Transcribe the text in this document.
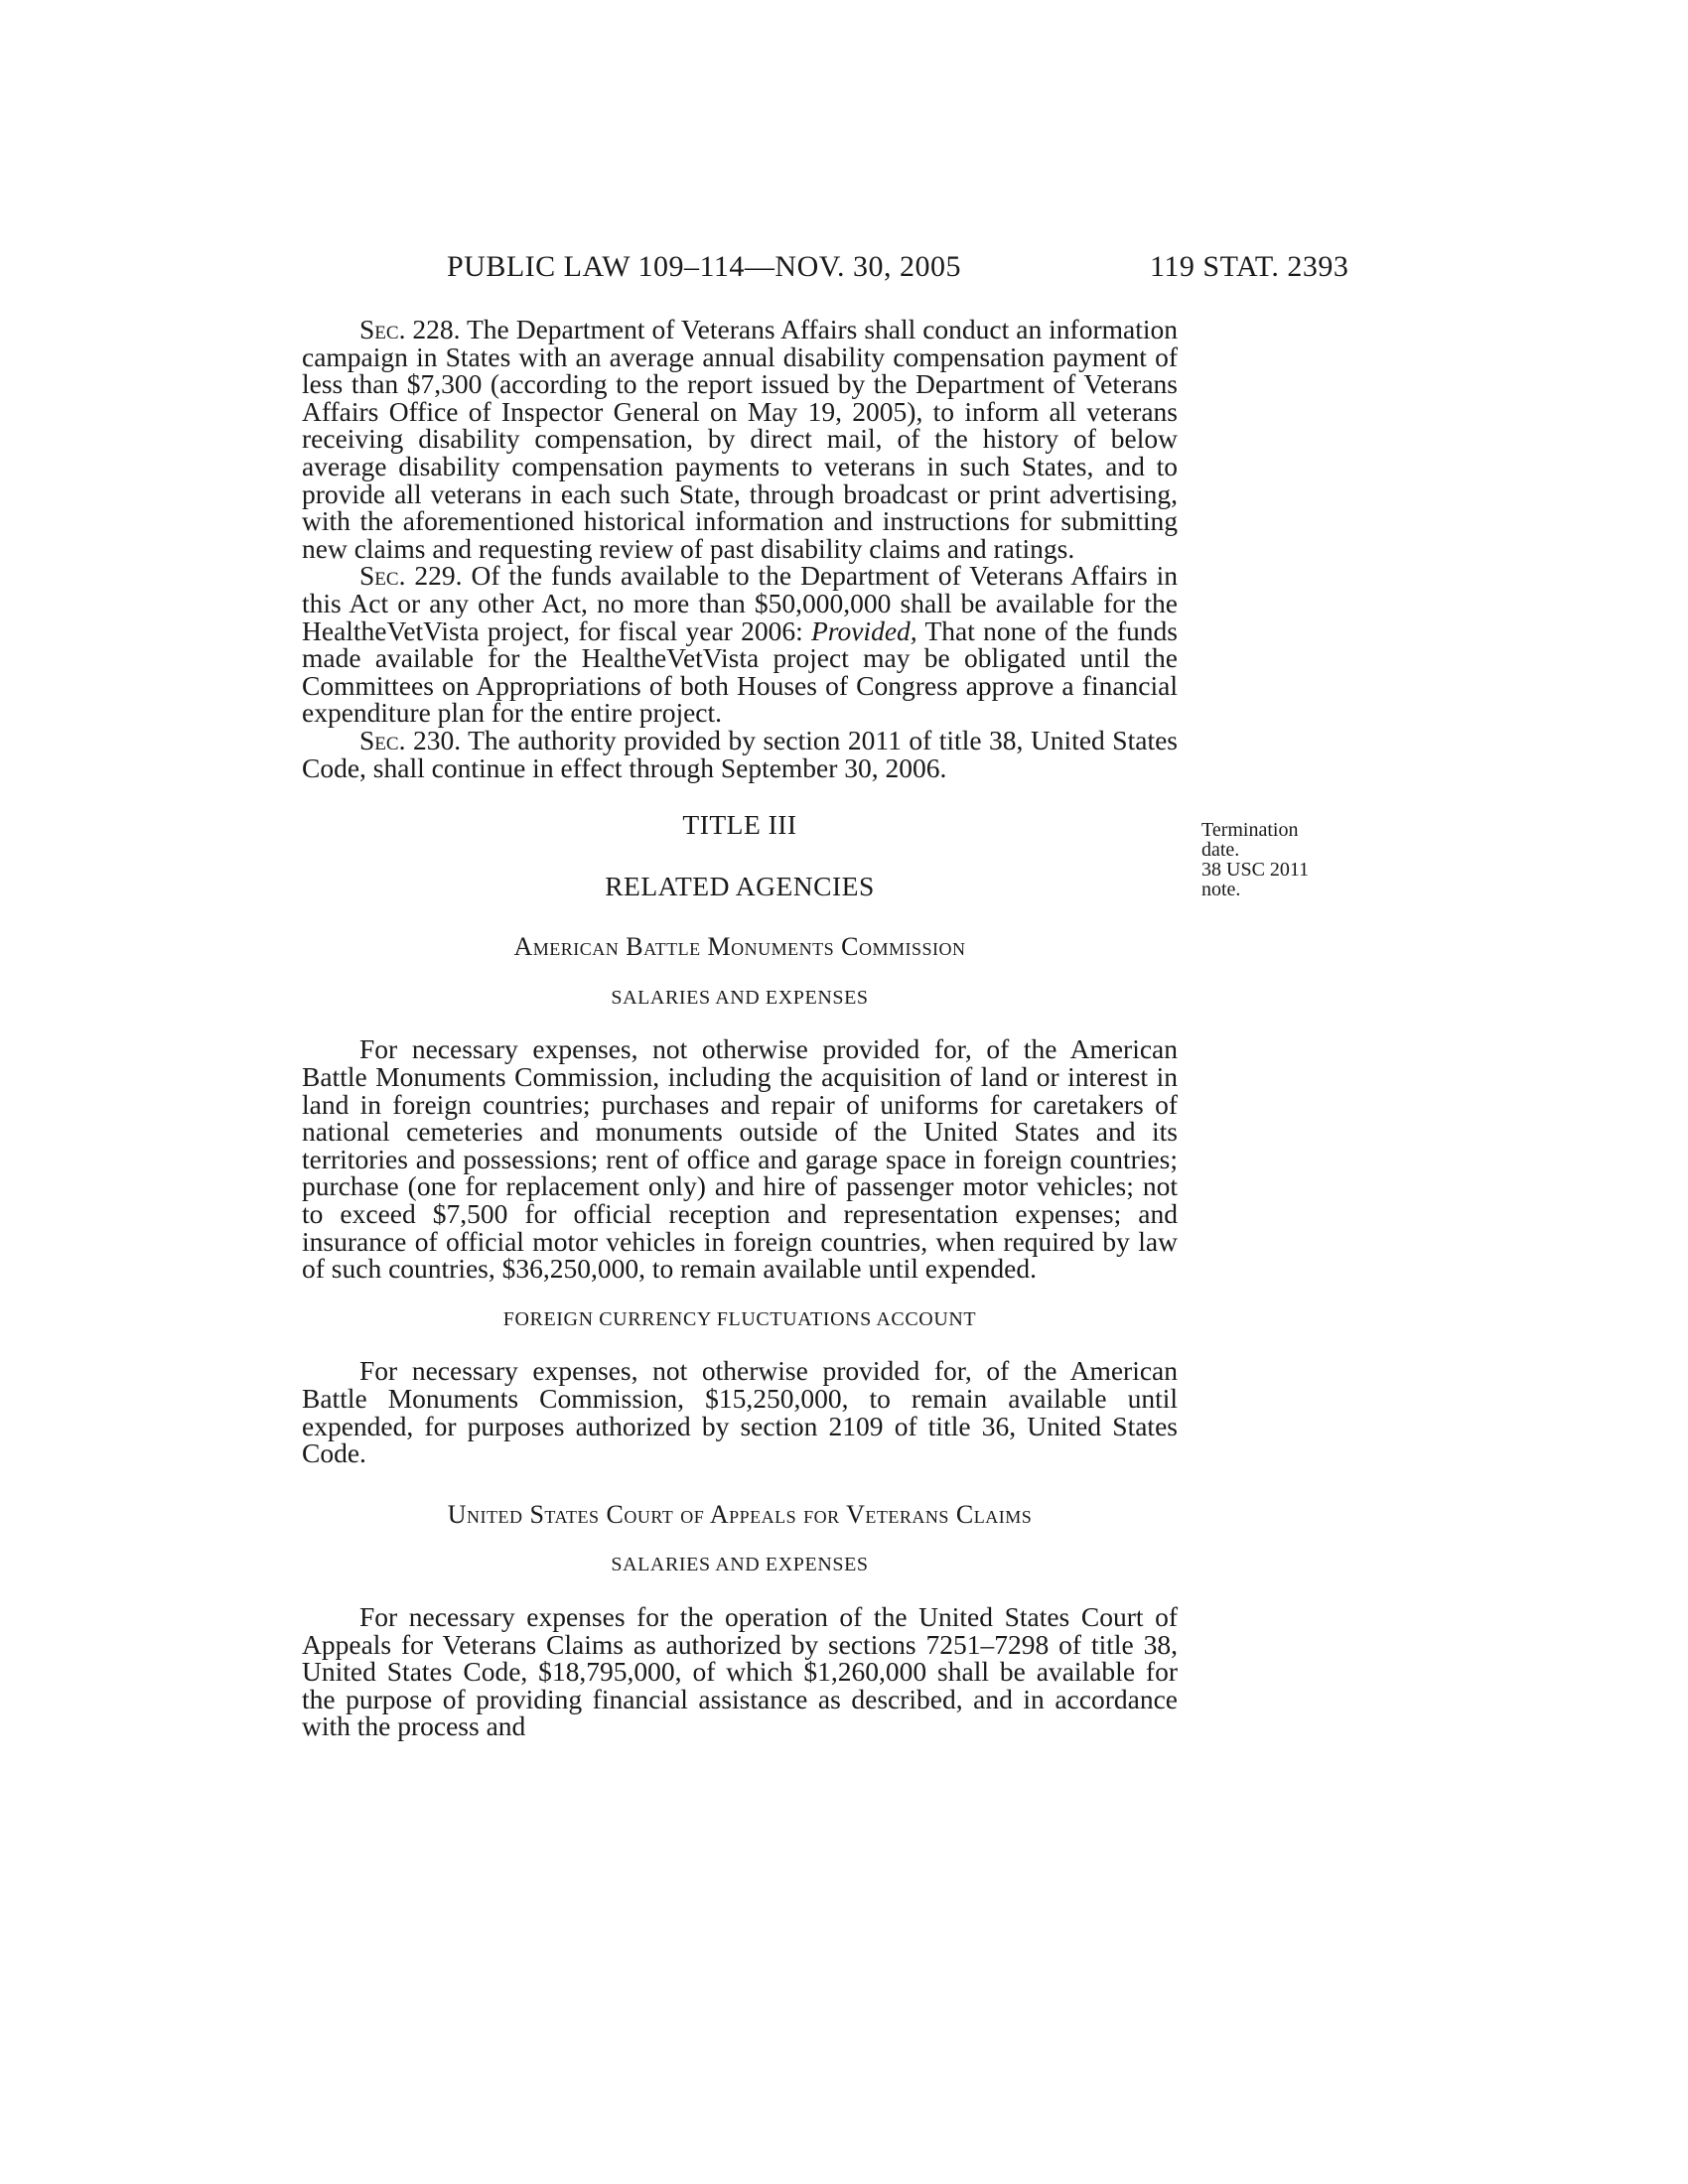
PUBLIC LAW 109–114—NOV. 30, 2005	119 STAT. 2393

Sec. 228. The Department of Veterans Affairs shall conduct an information campaign in States with an average annual disability compensation payment of less than $7,300 (according to the report issued by the Department of Veterans Affairs Office of Inspector General on May 19, 2005), to inform all veterans receiving disability compensation, by direct mail, of the history of below average disability compensation payments to veterans in such States, and to provide all veterans in each such State, through broadcast or print advertising, with the aforementioned historical information and instructions for submitting new claims and requesting review of past disability claims and ratings.

Sec. 229. Of the funds available to the Department of Veterans Affairs in this Act or any other Act, no more than $50,000,000 shall be available for the HealtheVetVista project, for fiscal year 2006: Provided, That none of the funds made available for the HealtheVetVista project may be obligated until the Committees on Appropriations of both Houses of Congress approve a financial expenditure plan for the entire project.

Sec. 230. The authority provided by section 2011 of title 38, United States Code, shall continue in effect through September 30, 2006.

TITLE III

RELATED AGENCIES

American Battle Monuments Commission

SALARIES AND EXPENSES

For necessary expenses, not otherwise provided for, of the American Battle Monuments Commission, including the acquisition of land or interest in land in foreign countries; purchases and repair of uniforms for caretakers of national cemeteries and monuments outside of the United States and its territories and possessions; rent of office and garage space in foreign countries; purchase (one for replacement only) and hire of passenger motor vehicles; not to exceed $7,500 for official reception and representation expenses; and insurance of official motor vehicles in foreign countries, when required by law of such countries, $36,250,000, to remain available until expended.

FOREIGN CURRENCY FLUCTUATIONS ACCOUNT

For necessary expenses, not otherwise provided for, of the American Battle Monuments Commission, $15,250,000, to remain available until expended, for purposes authorized by section 2109 of title 36, United States Code.

United States Court of Appeals for Veterans Claims

SALARIES AND EXPENSES

For necessary expenses for the operation of the United States Court of Appeals for Veterans Claims as authorized by sections 7251–7298 of title 38, United States Code, $18,795,000, of which $1,260,000 shall be available for the purpose of providing financial assistance as described, and in accordance with the process and

Termination
date.
38 USC 2011
note.
